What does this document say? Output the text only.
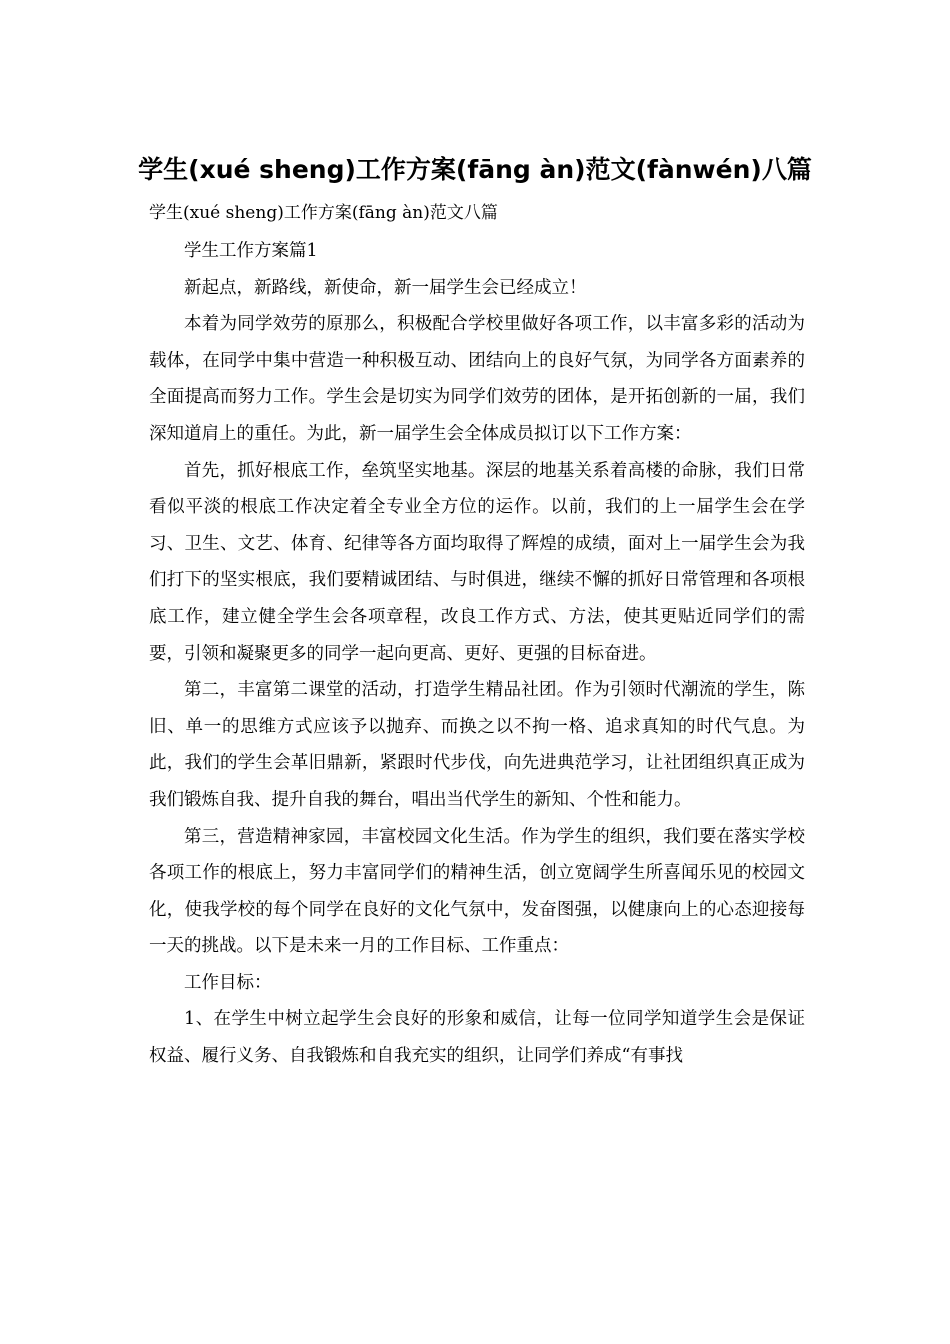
学生(xué sheng)工作方案(fāng àn)范文(fànwén)八篇
学生(xué sheng)工作方案(fāng àn)范文八篇

学生工作方案篇1

新起点，新路线，新使命，新一届学生会已经成立！

本着为同学效劳的原那么，积极配合学校里做好各项工作，以丰富多彩的活动为载体，在同学中集中营造一种积极互动、团结向上的良好气氛，为同学各方面素养的全面提高而努力工作。学生会是切实为同学们效劳的团体，是开拓创新的一届，我们深知道肩上的重任。为此，新一届学生会全体成员拟订以下工作方案：

首先，抓好根底工作，垒筑坚实地基。深层的地基关系着高楼的命脉，我们日常看似平淡的根底工作决定着全专业全方位的运作。以前，我们的上一届学生会在学习、卫生、文艺、体育、纪律等各方面均取得了辉煌的成绩，面对上一届学生会为我们打下的坚实根底，我们要精诚团结、与时俱进，继续不懈的抓好日常管理和各项根底工作，建立健全学生会各项章程，改良工作方式、方法，使其更贴近同学们的需要，引领和凝聚更多的同学一起向更高、更好、更强的目标奋进。

第二，丰富第二课堂的活动，打造学生精品社团。作为引领时代潮流的学生，陈旧、单一的思维方式应该予以抛弃、而换之以不拘一格、追求真知的时代气息。为此，我们的学生会革旧鼎新，紧跟时代步伐，向先进典范学习，让社团组织真正成为我们锻炼自我、提升自我的舞台，唱出当代学生的新知、个性和能力。

第三，营造精神家园，丰富校园文化生活。作为学生的组织，我们要在落实学校各项工作的根底上，努力丰富同学们的精神生活，创立宽阔学生所喜闻乐见的校园文化，使我学校的每个同学在良好的文化气氛中，发奋图强，以健康向上的心态迎接每一天的挑战。以下是未来一月的工作目标、工作重点：

工作目标：

1、在学生中树立起学生会良好的形象和威信，让每一位同学知道学生会是保证权益、履行义务、自我锻炼和自我充实的组织，让同学们养成“有事找
